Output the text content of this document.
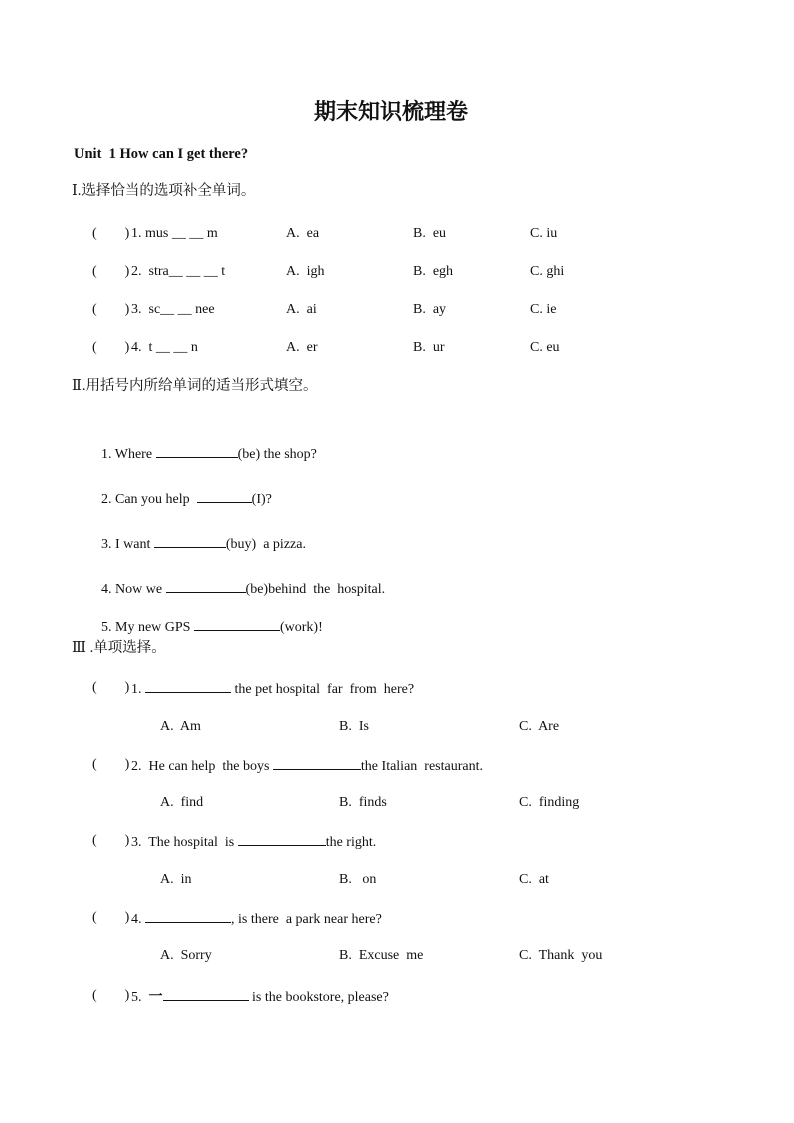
期末知识梳理卷
Unit  1 How can I get there?
Ⅰ.选择恰当的选项补全单词。
(        ) 1. mus __ __ m	A.  ea	B.  eu	C. iu
(        ) 2.  stra__ __ __ t	A.  igh	B.  egh	C. ghi
(        ) 3.  sc__ __ nee	A.  ai	B.  ay	C. ie
(        ) 4.  t __ __ n	A.  er	B.  ur	C. eu
Ⅱ.用括号内所给单词的适当形式填空。

1. Where	(be) the shop?

2. Can you help	(I)?

3. I want	(buy)  a pizza.

4. Now we	(be)behind  the  hospital.

5. My new GPS	(work)!

Ⅲ .单项选择。
(        ) 1.	the pet hospital  far  from  here?
A.  Am	B.  Is	C.  Are
(        ) 2.  He can help  the boys	the Italian  restaurant.
A.  find	B.  finds	C.  finding
(        ) 3.  The hospital  is	the right.
A.  in	B.   on	C.  at
(        ) 4.	, is there  a park near here?
A.  Sorry	B.  Excuse  me	C.  Thank  you
(        ) 5.  一	is the bookstore, please?
